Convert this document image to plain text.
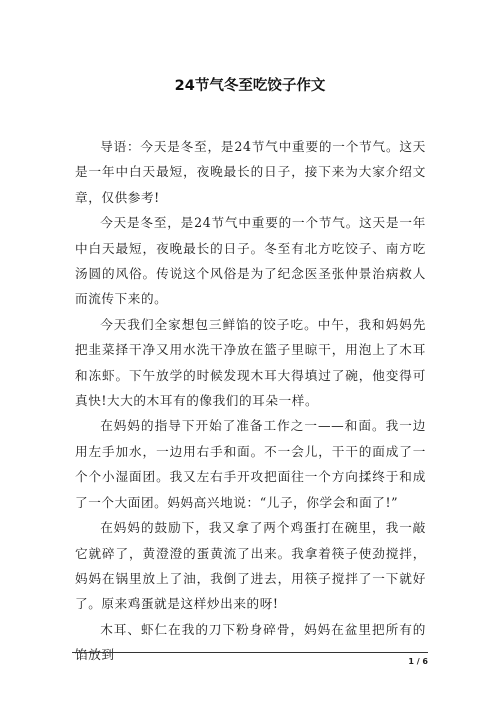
24节气冬至吃饺子作文

导语：今天是冬至，是24节气中重要的一个节气。这天是一年中白天最短，夜晚最长的日子，接下来为大家介绍文章，仅供参考!

今天是冬至，是24节气中重要的一个节气。这天是一年中白天最短，夜晚最长的日子。冬至有北方吃饺子、南方吃汤圆的风俗。传说这个风俗是为了纪念医圣张仲景治病救人而流传下来的。

今天我们全家想包三鲜馅的饺子吃。中午，我和妈妈先把韭菜择干净又用水洗干净放在篮子里晾干，用泡上了木耳和冻虾。下午放学的时候发现木耳大得填过了碗，他变得可真快!大大的木耳有的像我们的耳朵一样。

在妈妈的指导下开始了准备工作之一——和面。我一边用左手加水，一边用右手和面。不一会儿，干干的面成了一个个小湿面团。我又左右手开攻把面往一个方向揉终于和成了一个大面团。妈妈高兴地说：“儿子，你学会和面了!”

在妈妈的鼓励下，我又拿了两个鸡蛋打在碗里，我一敲它就碎了，黄澄澄的蛋黄流了出来。我拿着筷子使劲搅拌，妈妈在锅里放上了油，我倒了进去，用筷子搅拌了一下就好了。原来鸡蛋就是这样炒出来的呀!

木耳、虾仁在我的刀下粉身碎骨，妈妈在盆里把所有的馅放到	1 / 6
